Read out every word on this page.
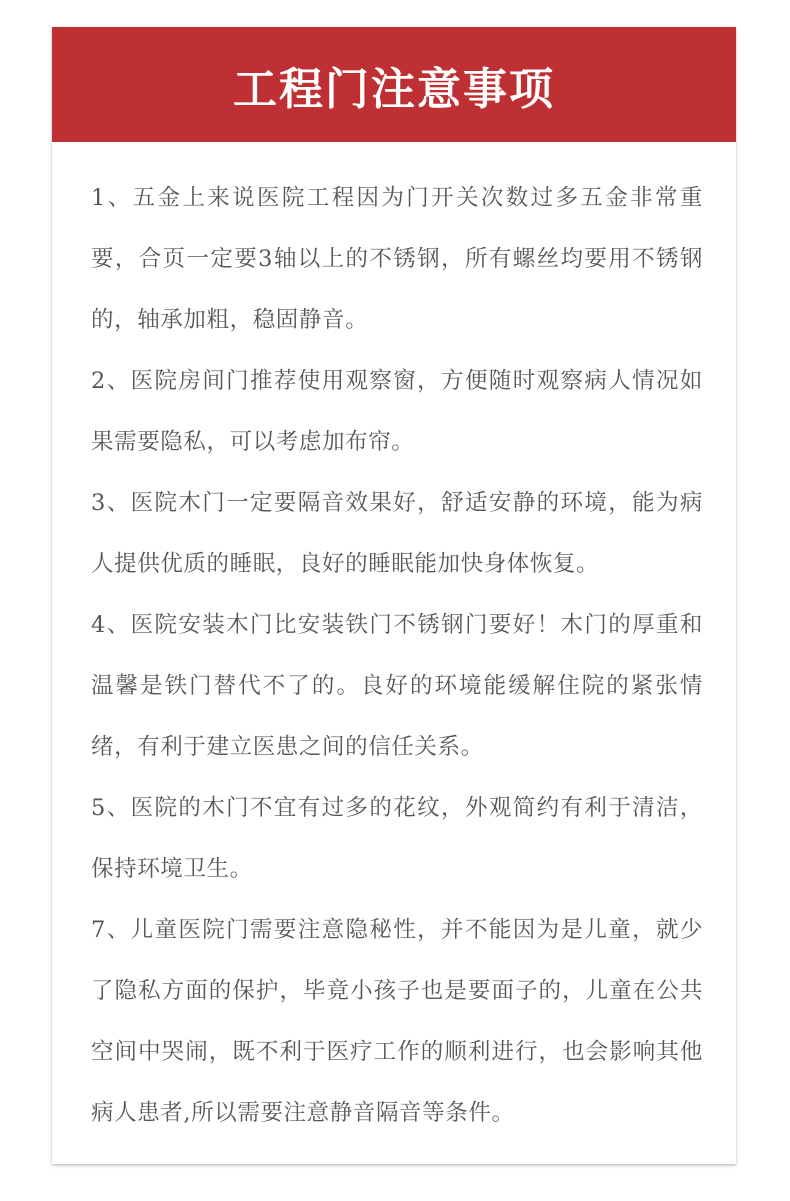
工程门注意事项

1、五金上来说医院工程因为门开关次数过多五金非常重要，合页一定要3轴以上的不锈钢，所有螺丝均要用不锈钢的，轴承加粗，稳固静音。

2、医院房间门推荐使用观察窗，方便随时观察病人情况如果需要隐私，可以考虑加布帘。

3、医院木门一定要隔音效果好，舒适安静的环境，能为病人提供优质的睡眠，良好的睡眠能加快身体恢复。

4、医院安装木门比安装铁门不锈钢门要好！木门的厚重和温馨是铁门替代不了的。良好的环境能缓解住院的紧张情绪，有利于建立医患之间的信任关系。

5、医院的木门不宜有过多的花纹，外观简约有利于清洁，保持环境卫生。

7、儿童医院门需要注意隐秘性，并不能因为是儿童，就少了隐私方面的保护，毕竟小孩子也是要面子的，儿童在公共空间中哭闹，既不利于医疗工作的顺利进行，也会影响其他病人患者,所以需要注意静音隔音等条件。
